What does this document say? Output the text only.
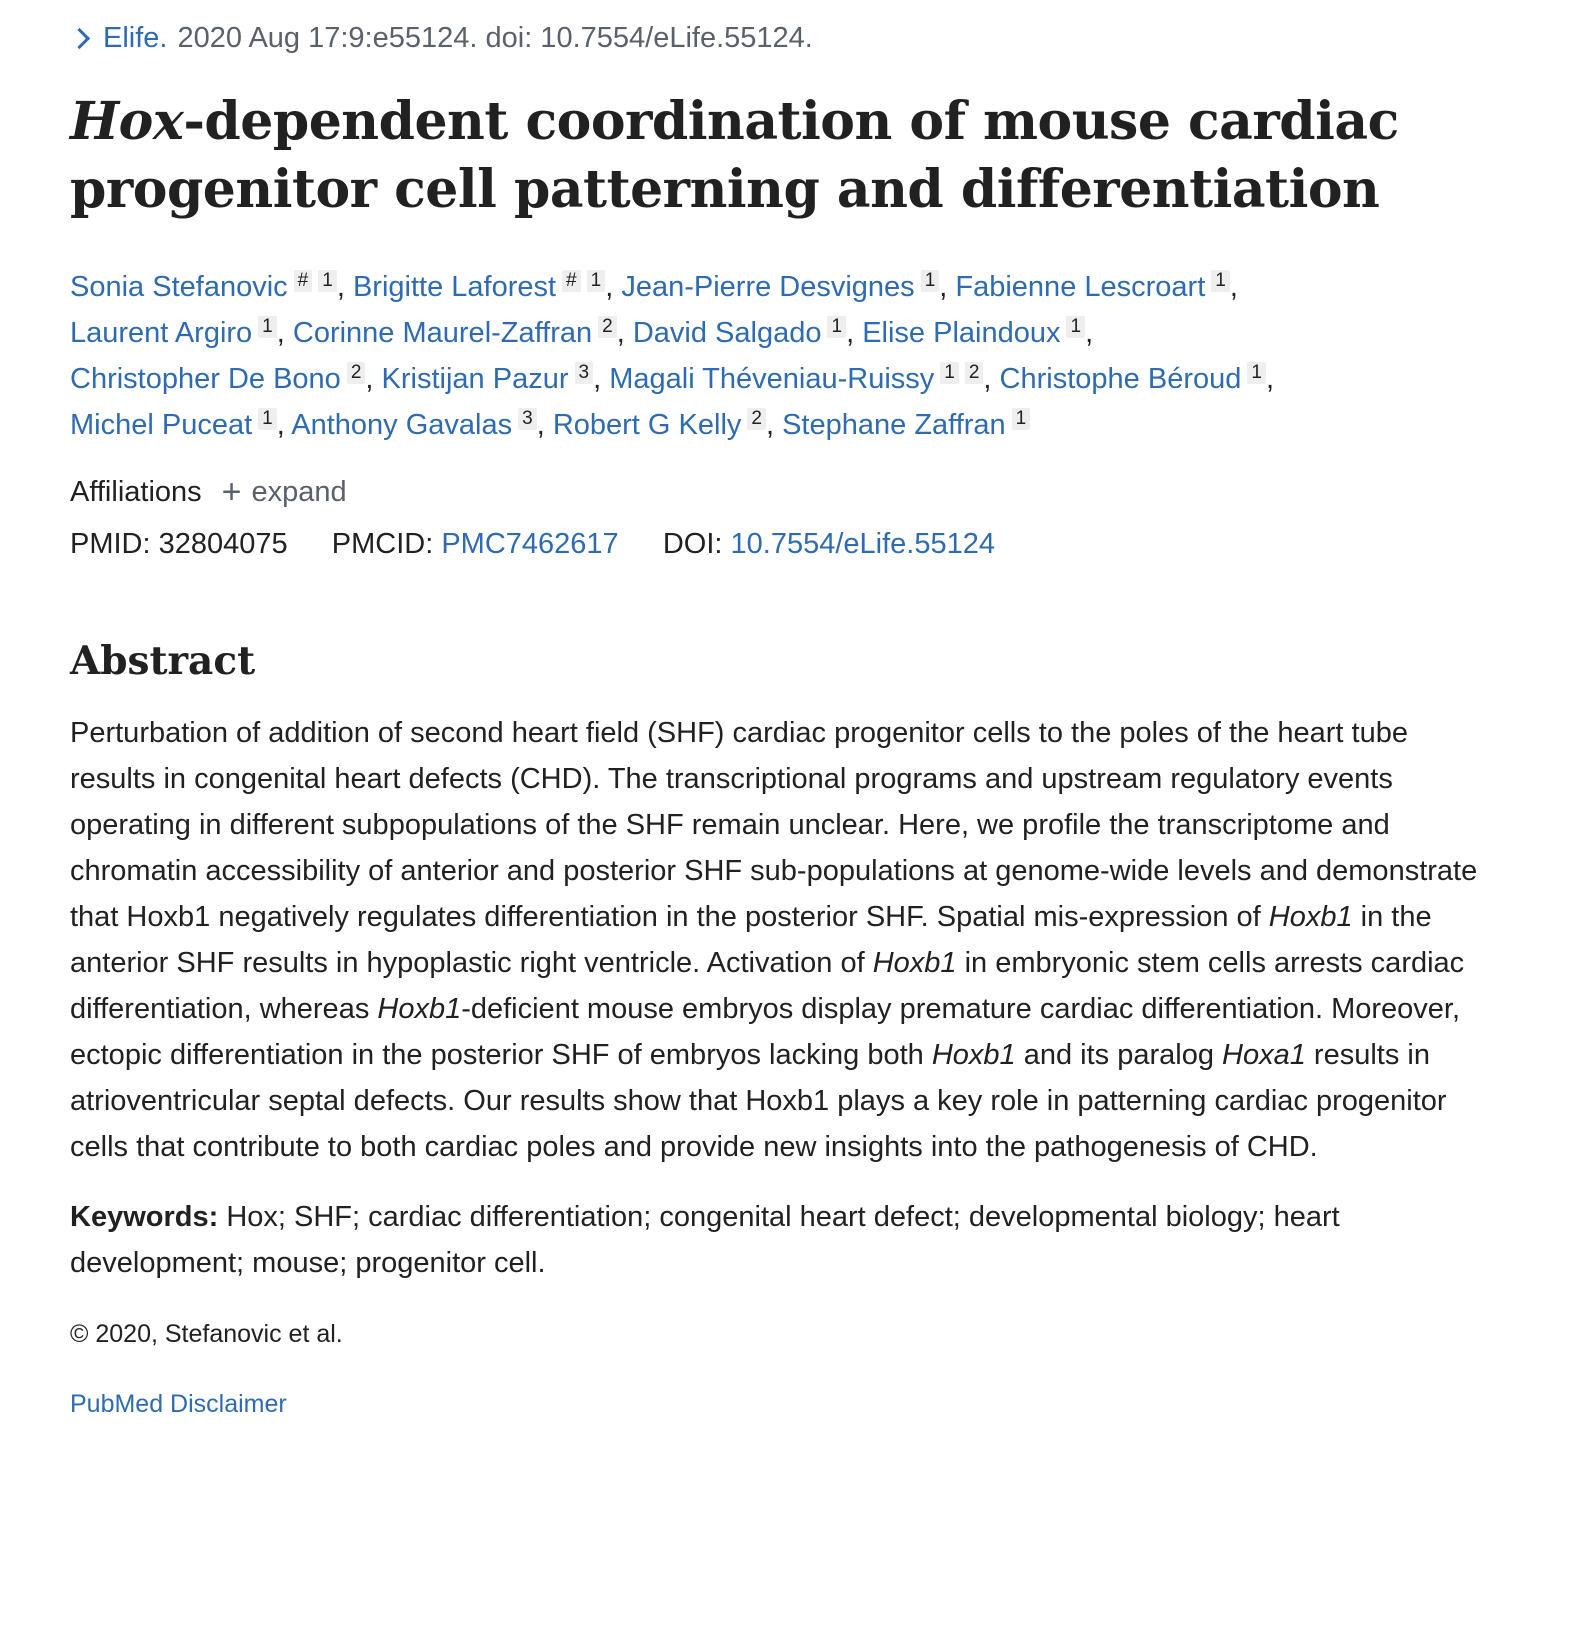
Elife. 2020 Aug 17:9:e55124. doi: 10.7554/eLife.55124.
Hox-dependent coordination of mouse cardiac
progenitor cell patterning and differentiation
Sonia Stefanovic # 1 , Brigitte Laforest # 1 , Jean-Pierre Desvignes 1 , Fabienne Lescroart 1 ,
Laurent Argiro 1 , Corinne Maurel-Zaffran 2 , David Salgado 1 , Elise Plaindoux 1 ,
Christopher De Bono 2 , Kristijan Pazur 3 , Magali Théveniau-Ruissy 1 2 , Christophe Béroud 1 ,
Michel Puceat 1 , Anthony Gavalas 3 , Robert G Kelly 2 , Stephane Zaffran 1
Affiliations + expand
PMID: 32804075 PMCID: PMC7462617 DOI: 10.7554/eLife.55124
Abstract
Perturbation of addition of second heart field (SHF) cardiac progenitor cells to the poles of the heart tube results in congenital heart defects (CHD). The transcriptional programs and upstream regulatory events operating in different subpopulations of the SHF remain unclear. Here, we profile the transcriptome and chromatin accessibility of anterior and posterior SHF sub-populations at genome-wide levels and demonstrate that Hoxb1 negatively regulates differentiation in the posterior SHF. Spatial mis-expression of Hoxb1 in the anterior SHF results in hypoplastic right ventricle. Activation of Hoxb1 in embryonic stem cells arrests cardiac differentiation, whereas Hoxb1-deficient mouse embryos display premature cardiac differentiation. Moreover, ectopic differentiation in the posterior SHF of embryos lacking both Hoxb1 and its paralog Hoxa1 results in atrioventricular septal defects. Our results show that Hoxb1 plays a key role in patterning cardiac progenitor cells that contribute to both cardiac poles and provide new insights into the pathogenesis of CHD.
Keywords: Hox; SHF; cardiac differentiation; congenital heart defect; developmental biology; heart development; mouse; progenitor cell.
© 2020, Stefanovic et al.
PubMed Disclaimer
